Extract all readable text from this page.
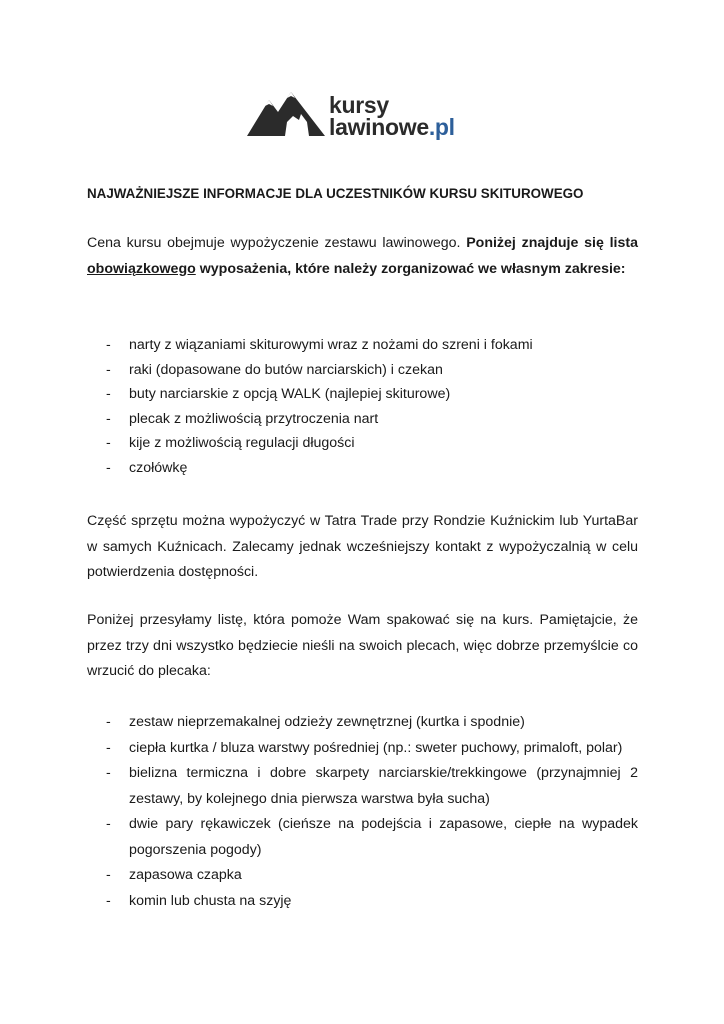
kursy
lawinowe.pl
NAJWAŻNIEJSZE INFORMACJE DLA UCZESTNIKÓW KURSU SKITUROWEGO

Cena kursu obejmuje wypożyczenie zestawu lawinowego. Poniżej znajduje się lista obowiązkowego wyposażenia, które należy zorganizować we własnym zakresie:

- narty z wiązaniami skiturowymi wraz z nożami do szreni i fokami
- raki (dopasowane do butów narciarskich) i czekan
- buty narciarskie z opcją WALK (najlepiej skiturowe)
- plecak z możliwością przytroczenia nart
- kije z możliwością regulacji długości
- czołówkę

Część sprzętu można wypożyczyć w Tatra Trade przy Rondzie Kuźnickim lub YurtaBar w samych Kuźnicach. Zalecamy jednak wcześniejszy kontakt z wypożyczalnią w celu potwierdzenia dostępności.

Poniżej przesyłamy listę, która pomoże Wam spakować się na kurs. Pamiętajcie, że przez trzy dni wszystko będziecie nieśli na swoich plecach, więc dobrze przemyślcie co wrzucić do plecaka:

- zestaw nieprzemakalnej odzieży zewnętrznej (kurtka i spodnie)
- ciepła kurtka / bluza warstwy pośredniej (np.: sweter puchowy, primaloft, polar)
- bielizna termiczna i dobre skarpety narciarskie/trekkingowe (przynajmniej 2 zestawy, by kolejnego dnia pierwsza warstwa była sucha)
- dwie pary rękawiczek (cieńsze na podejścia i zapasowe, ciepłe na wypadek pogorszenia pogody)
- zapasowa czapka
- komin lub chusta na szyję
